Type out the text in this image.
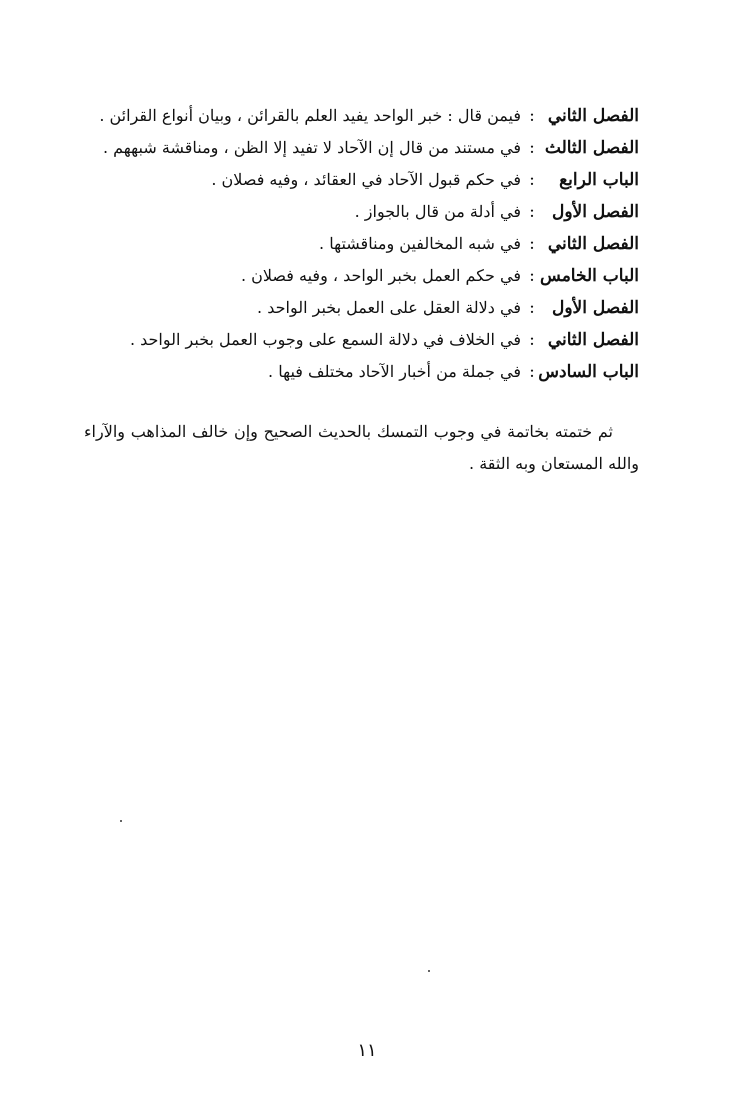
الفصل الثاني
:
فيمن قال : خبر الواحد يفيد العلم بالقرائن ، وبيان أنواع القرائن .
الفصل الثالث
:
في مستند من قال إن الآحاد لا تفيد إلا الظن ، ومناقشة شبههم .
الباب الرابع
:
في حكم قبول الآحاد في العقائد ، وفيه فصلان .
الفصل الأول
:
في أدلة من قال بالجواز .
الفصل الثاني
:
في شبه المخالفين ومناقشتها .
الباب الخامس
:
في حكم العمل بخبر الواحد ، وفيه فصلان .
الفصل الأول
:
في دلالة العقل على العمل بخبر الواحد .
الفصل الثاني
:
في الخلاف في دلالة السمع على وجوب العمل بخبر الواحد .
الباب السادس
:
في جملة من أخبار الآحاد مختلف فيها .

ثم ختمته بخاتمة في وجوب التمسك بالحديث الصحيح وإن خالف المذاهب والآراء والله المستعان وبه الثقة .

١١
